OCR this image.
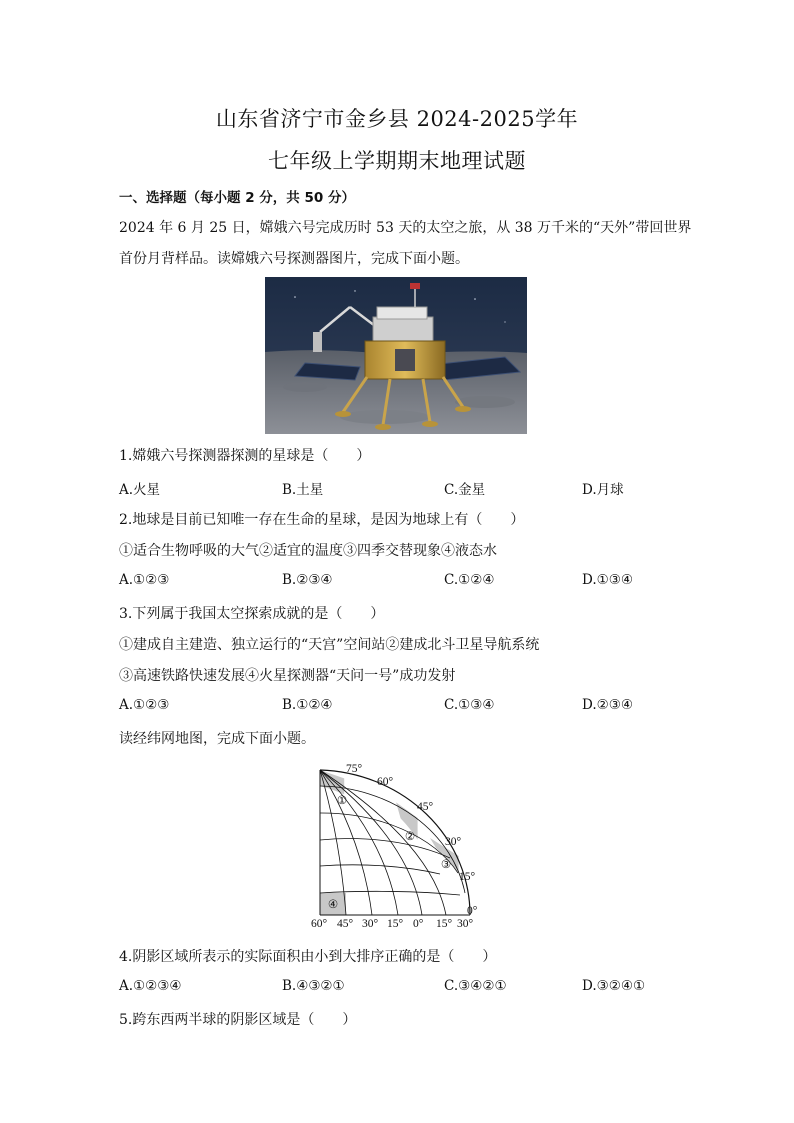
山东省济宁市金乡县 2024-2025学年
七年级上学期期末地理试题
一、选择题（每小题 2 分，共 50 分）
2024 年 6 月 25 日，嫦娥六号完成历时 53 天的太空之旅，从 38 万千米的“天外”带回世界
首份月背样品。读嫦娥六号探测器图片，完成下面小题。
1.嫦娥六号探测器探测的星球是（　　）
A.火星	B.土星	C.金星	D.月球
2.地球是目前已知唯一存在生命的星球，是因为地球上有（　　）
①适合生物呼吸的大气②适宜的温度③四季交替现象④液态水
A.①②③	B.②③④	C.①②④	D.①③④
3.下列属于我国太空探索成就的是（　　）
①建成自主建造、独立运行的“天宫”空间站②建成北斗卫星导航系统
③高速铁路快速发展④火星探测器“天问一号”成功发射
A.①②③	B.①②④	C.①③④	D.②③④
读经纬网地图，完成下面小题。
①
②
③
④
75°
60°
45°
30°
15°
0°
60° 45° 30° 15° 0° 15° 30°
4.阴影区域所表示的实际面积由小到大排序正确的是（　　）
A.①②③④	B.④③②①	C.③④②①	D.③②④①
5.跨东西两半球的阴影区域是（　　）
